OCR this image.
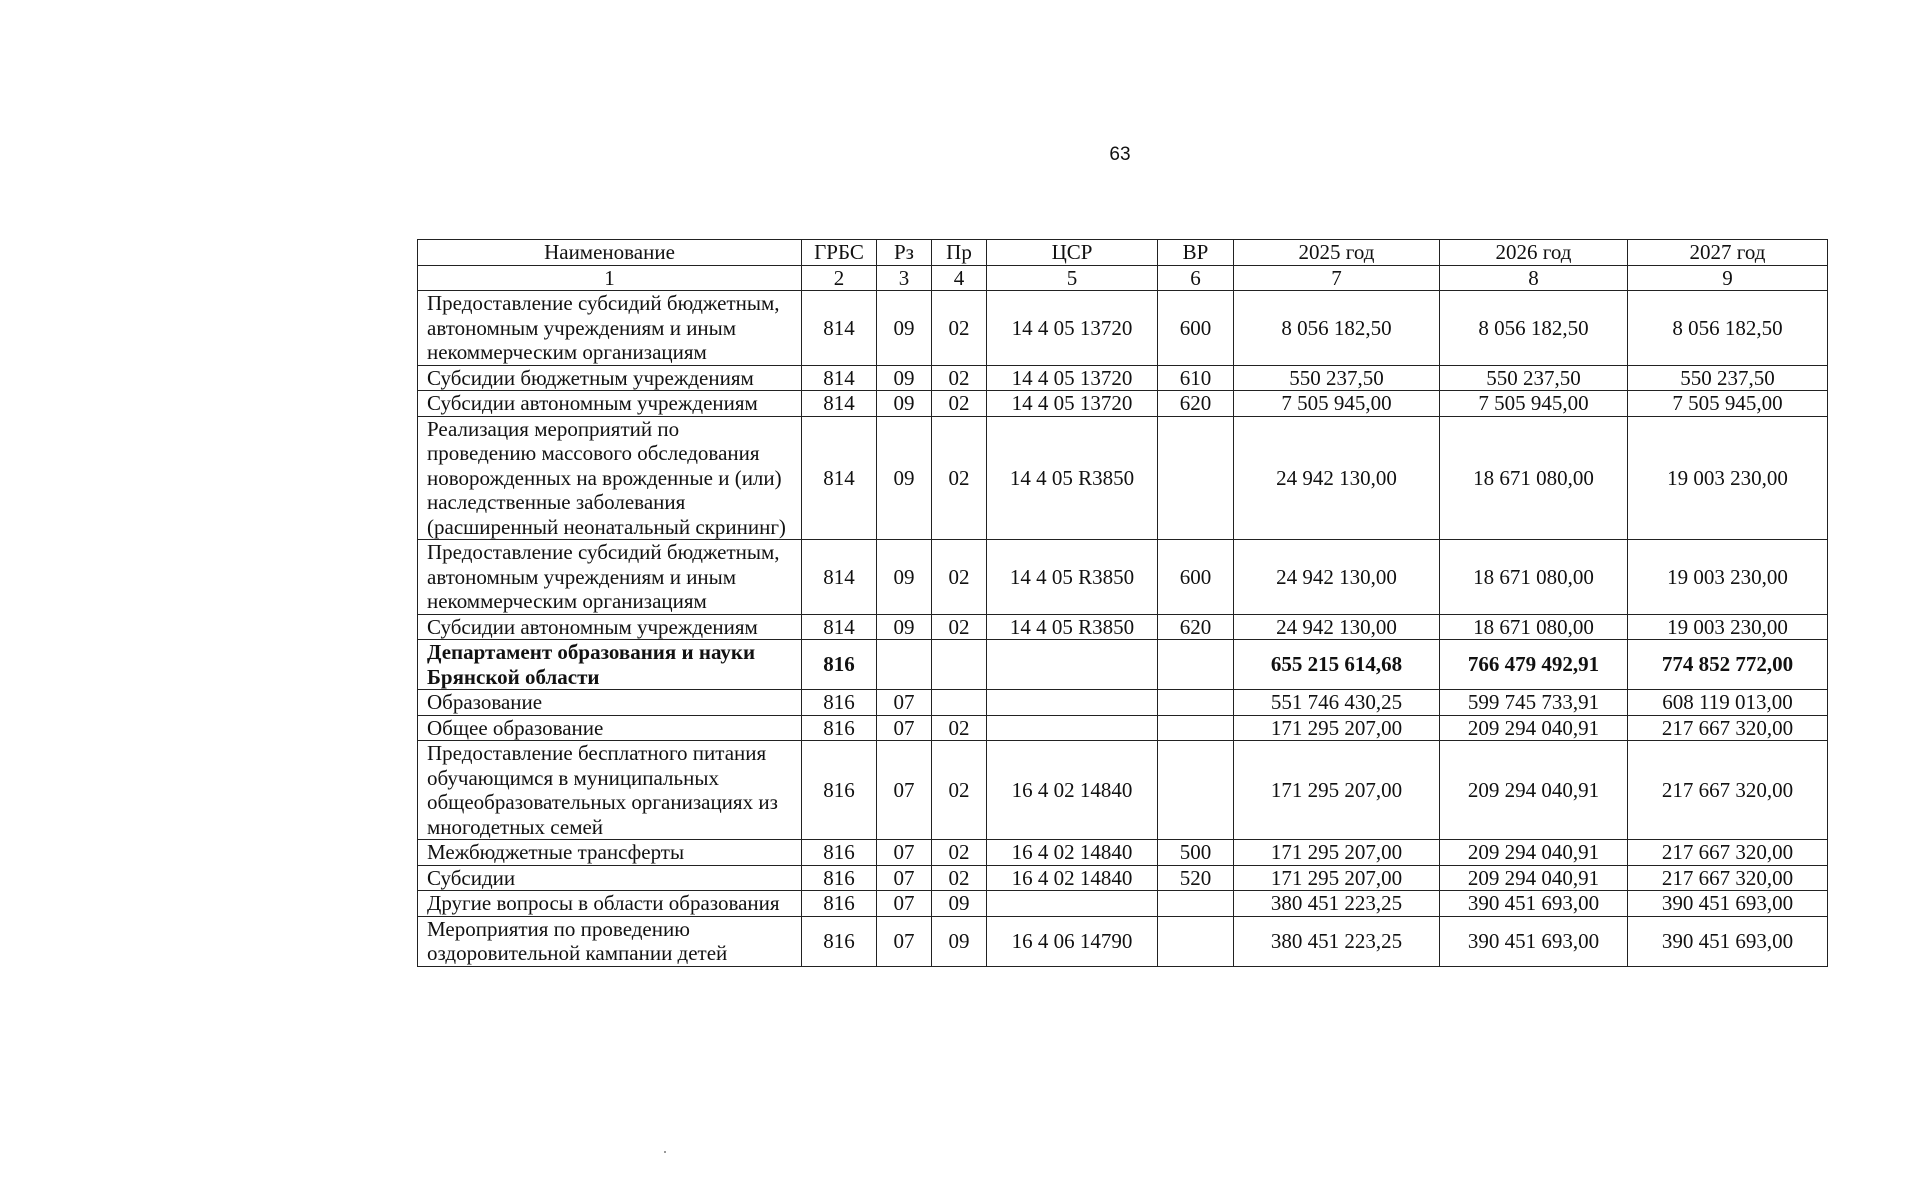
63
Наименование	ГРБС	Рз	Пр	ЦСР	ВР	2025 год	2026 год	2027 год
1	2	3	4	5	6	7	8	9
Предоставление субсидий бюджетным, автономным учреждениям и иным некоммерческим организациям	814	09	02	14 4 05 13720	600	8 056 182,50	8 056 182,50	8 056 182,50
Субсидии бюджетным учреждениям	814	09	02	14 4 05 13720	610	550 237,50	550 237,50	550 237,50
Субсидии автономным учреждениям	814	09	02	14 4 05 13720	620	7 505 945,00	7 505 945,00	7 505 945,00
Реализация мероприятий по проведению массового обследования новорожденных на врожденные и (или) наследственные заболевания (расширенный неонатальный скрининг)	814	09	02	14 4 05 R3850		24 942 130,00	18 671 080,00	19 003 230,00
Предоставление субсидий бюджетным, автономным учреждениям и иным некоммерческим организациям	814	09	02	14 4 05 R3850	600	24 942 130,00	18 671 080,00	19 003 230,00
Субсидии автономным учреждениям	814	09	02	14 4 05 R3850	620	24 942 130,00	18 671 080,00	19 003 230,00
Департамент образования и науки Брянской области	816					655 215 614,68	766 479 492,91	774 852 772,00
Образование	816	07				551 746 430,25	599 745 733,91	608 119 013,00
Общее образование	816	07	02			171 295 207,00	209 294 040,91	217 667 320,00
Предоставление бесплатного питания обучающимся в муниципальных общеобразовательных организациях из многодетных семей	816	07	02	16 4 02 14840		171 295 207,00	209 294 040,91	217 667 320,00
Межбюджетные трансферты	816	07	02	16 4 02 14840	500	171 295 207,00	209 294 040,91	217 667 320,00
Субсидии	816	07	02	16 4 02 14840	520	171 295 207,00	209 294 040,91	217 667 320,00
Другие вопросы в области образования	816	07	09			380 451 223,25	390 451 693,00	390 451 693,00
Мероприятия по проведению оздоровительной кампании детей	816	07	09	16 4 06 14790		380 451 223,25	390 451 693,00	390 451 693,00
